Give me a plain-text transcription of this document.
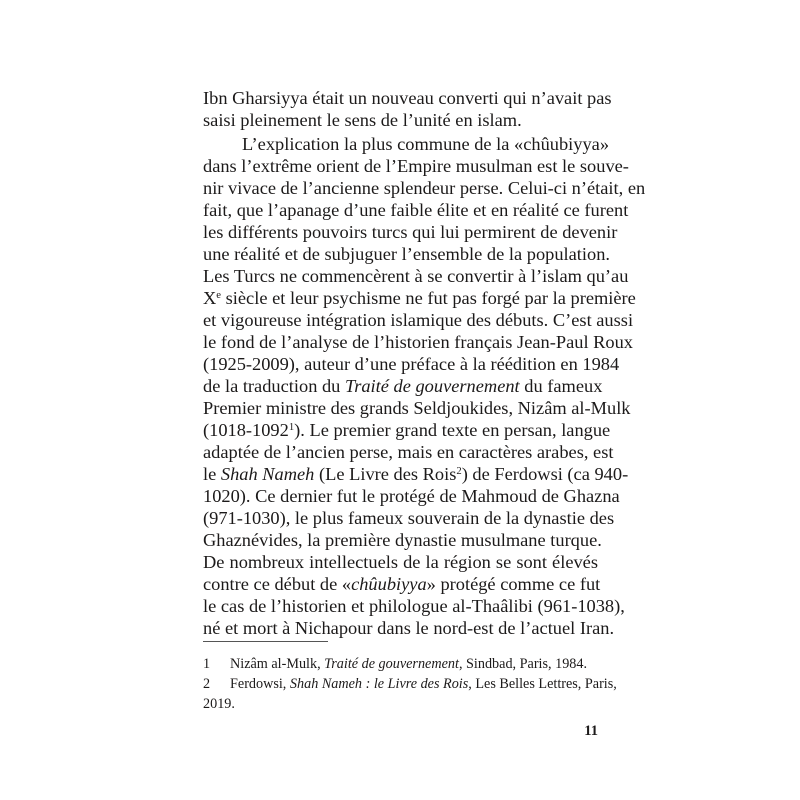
Ibn Gharsiyya était un nouveau converti qui n’avait pas
saisi pleinement le sens de l’unité en islam.
L’explication la plus commune de la «chûubiyya»
dans l’extrême orient de l’Empire musulman est le souve-
nir vivace de l’ancienne splendeur perse. Celui-ci n’était, en
fait, que l’apanage d’une faible élite et en réalité ce furent
les différents pouvoirs turcs qui lui permirent de devenir
une réalité et de subjuguer l’ensemble de la population.
Les Turcs ne commencèrent à se convertir à l’islam qu’au
Xe siècle et leur psychisme ne fut pas forgé par la première
et vigoureuse intégration islamique des débuts. C’est aussi
le fond de l’analyse de l’historien français Jean-Paul Roux
(1925-2009), auteur d’une préface à la réédition en 1984
de la traduction du Traité de gouvernement du fameux
Premier ministre des grands Seldjoukides, Nizâm al-Mulk
(1018-1092$^1$). Le premier grand texte en persan, langue
adaptée de l’ancien perse, mais en caractères arabes, est
le Shah Nameh (Le Livre des Rois$^2$) de Ferdowsi (ca 940-
1020). Ce dernier fut le protégé de Mahmoud de Ghazna
(971-1030), le plus fameux souverain de la dynastie des
Ghaznévides, la première dynastie musulmane turque.
De nombreux intellectuels de la région se sont élevés
contre ce début de «chûubiyya» protégé comme ce fut
le cas de l’historien et philologue al-Thaâlibi (961-1038),
né et mort à Nichapour dans le nord-est de l’actuel Iran.
1 Nizâm al-Mulk, Traité de gouvernement, Sindbad, Paris, 1984.
2 Ferdowsi, Shah Nameh : le Livre des Rois, Les Belles Lettres, Paris,
2019.
11
